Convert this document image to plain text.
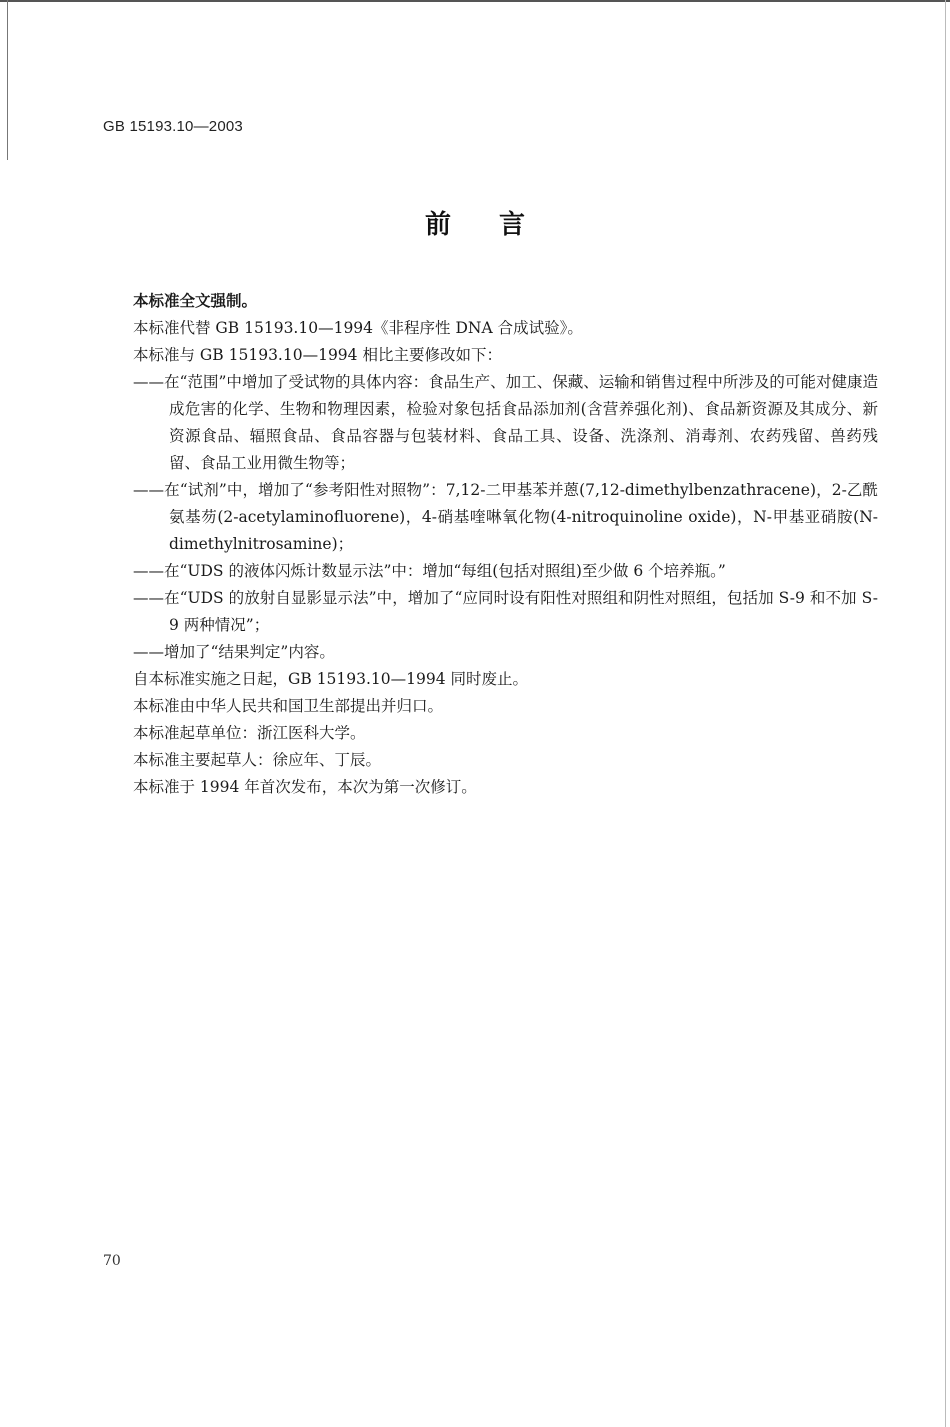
GB 15193.10—2003
前言

本标准全文强制。

本标准代替 GB 15193.10—1994《非程序性 DNA 合成试验》。

本标准与 GB 15193.10—1994 相比主要修改如下：

——在“范围”中增加了受试物的具体内容：食品生产、加工、保藏、运输和销售过程中所涉及的可能对健康造成危害的化学、生物和物理因素，检验对象包括食品添加剂(含营养强化剂)、食品新资源及其成分、新资源食品、辐照食品、食品容器与包装材料、食品工具、设备、洗涤剂、消毒剂、农药残留、兽药残留、食品工业用微生物等；

——在“试剂”中，增加了“参考阳性对照物”：7,12-二甲基苯并蒽(7,12-dimethylbenzathracene)，2-乙酰氨基芴(2-acetylaminofluorene)，4-硝基喹啉氧化物(4-nitroquinoline oxide)，N-甲基亚硝胺(N-dimethylnitrosamine)；

——在“UDS 的液体闪烁计数显示法”中：增加“每组(包括对照组)至少做 6 个培养瓶。”

——在“UDS 的放射自显影显示法”中，增加了“应同时设有阳性对照组和阴性对照组，包括加 S-9 和不加 S-9 两种情况”；

——增加了“结果判定”内容。

自本标准实施之日起，GB 15193.10—1994 同时废止。

本标准由中华人民共和国卫生部提出并归口。

本标准起草单位：浙江医科大学。

本标准主要起草人：徐应年、丁辰。

本标准于 1994 年首次发布，本次为第一次修订。

70
